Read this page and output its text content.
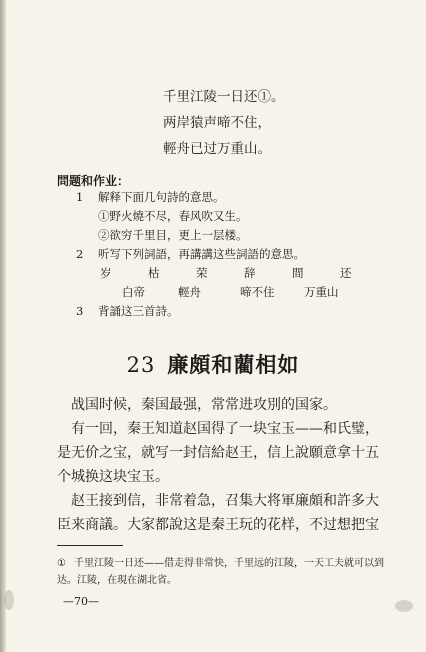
千里江陵一日还①。
两岸猿声啼不住，
輕舟已过万重山。
問题和作业：
1	解释下面几句詩的意思。
①野火燒不尽，春风吹又生。
②欲穷千里目，更上一层楼。
2	听写下列詞語，再講講这些詞語的意思。
岁	枯	荣	辞	間	还
白帝	輕舟	啼不住	万重山
3	背誦这三首詩。
23 廉頗和藺相如

战国时候，秦国最强，常常进攻別的国家。

有一回，秦王知道赵国得了一块宝玉——和氏璧，是无价之宝，就写一封信給赵王，信上說願意拿十五个城换这块宝玉。

赵王接到信，非常着急，召集大将軍廉頗和許多大臣来商議。大家都說这是秦王玩的花样，不过想把宝

① 千里江陵一日还——借走得非常快，千里远的江陵，一天工夫就可以到达。江陵，在現在湖北省。
—70—
